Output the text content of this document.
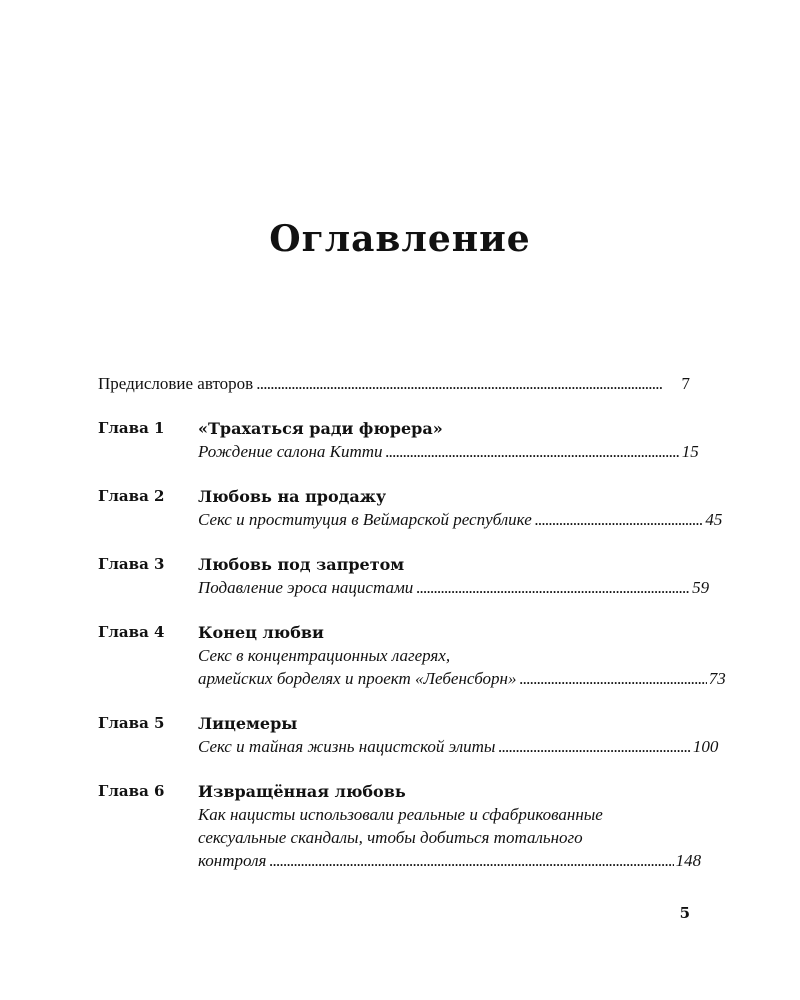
Оглавление
Предисловие авторов . . .	7
Глава 1	«Трахаться ради фюрера»
Рождение салона Китти . . .	15
Глава 2	Любовь на продажу
Секс и проституция в Веймарской республике . . .	45
Глава 3	Любовь под запретом
Подавление эроса нацистами . . .	59
Глава 4	Конец любви
Секс в концентрационных лагерях,
армейских борделях и проект «Лебенсборн» . . .	73
Глава 5	Лицемеры
Секс и тайная жизнь нацистской элиты . . .	100
Глава 6	Извращённая любовь
Как нацисты использовали реальные и сфабрикованные
сексуальные скандалы, чтобы добиться тотального
контроля . . .	148
5
